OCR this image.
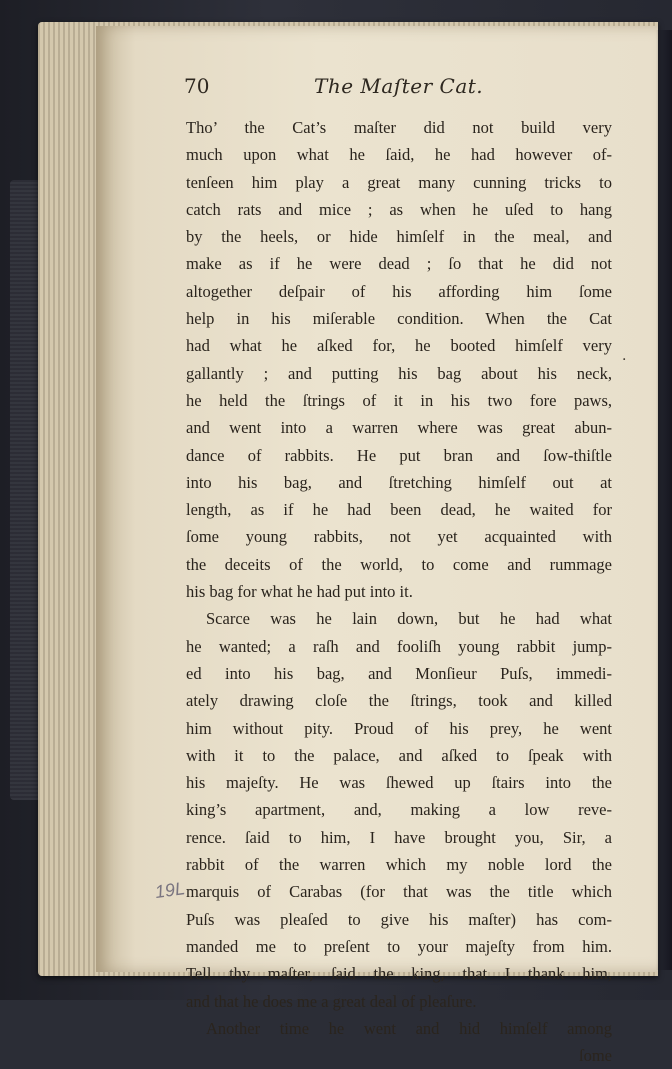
70	The Maſter Cat.
Tho’ the Cat’s maſter did not build very
much upon what he ſaid, he had however of-
tenſeen him play a great many cunning tricks to
catch rats and mice ; as when he uſed to hang
by the heels, or hide himſelf in the meal, and
make as if he were dead ; ſo that he did not
altogether deſpair of his affording him ſome
help in his miſerable condition. When the Cat
had what he aſked for, he booted himſelf very
gallantly ; and putting his bag about his neck,
he held the ſtrings of it in his two fore paws,
and went into a warren where was great abun-
dance of rabbits. He put bran and ſow-thiſtle
into his bag, and ſtretching himſelf out at
length, as if he had been dead, he waited for
ſome young rabbits, not yet acquainted with
the deceits of the world, to come and rummage
his bag for what he had put into it.
Scarce was he lain down, but he had what
he wanted; a raſh and fooliſh young rabbit jump-
ed into his bag, and Monſieur Puſs, immedi-
ately drawing cloſe the ſtrings, took and killed
him without pity. Proud of his prey, he went
with it to the palace, and aſked to ſpeak with
his majeſty. He was ſhewed up ſtairs into the
king’s apartment, and, making a low reve-
rence. ſaid to him, I have brought you, Sir, a
rabbit of the warren which my noble lord the
marquis of Carabas (for that was the title which
Puſs was pleaſed to give his maſter) has com-
manded me to preſent to your majeſty from him.
Tell thy maſter, ſaid the king, that I thank him,
and that he does me a great deal of pleaſure.
Another time he went and hid himſelf among
ſome
19L
·
